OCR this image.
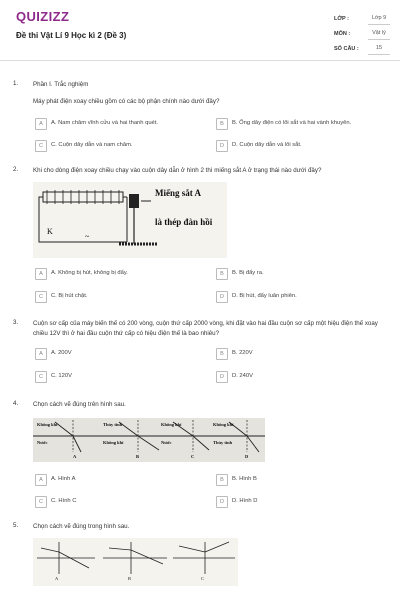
QUIZIZZ
Đề thi Vật Lí 9 Học kì 2 (Đề 3)
LỚP :	Lớp 9
MÔN :	Vật lý
SỐ CÂU :	15
1. Phần I. Trắc nghiệm
Máy phát điện xoay chiều gồm có các bộ phận chính nào dưới đây?
A	A. Nam châm vĩnh cửu và hai thanh quét.	B	B. Ống dây điện có lõi sắt và hai vành khuyên.
C	C. Cuộn dây dẫn và nam châm.	D	D. Cuộn dây dẫn và lõi sắt.
2. Khi cho dòng điện xoay chiều chạy vào cuộn dây dẫn ở hình 2 thì miếng sắt A ở trạng thái nào dưới đây?
Miếng sắt A
là thép đàn hồi
K
~
A	A. Không bị hút, không bị đẩy.	B	B. Bị đẩy ra.
C	C. Bị hút chặt.	D	D. Bị hút, đẩy luân phiên.
3. Cuộn sơ cấp của máy biến thế có 200 vòng, cuộn thứ cấp 2000 vòng, khi đặt vào hai đầu cuộn sơ cấp một hiệu điện thế xoay chiều 12V thì ở hai đầu cuộn thứ cấp có hiệu điện thế là bao nhiêu?
A	A. 200V	B	B. 220V
C	C. 120V	D	D. 240V
4. Chọn cách vẽ đúng trên hình sau.
Không khí
Nước
A
Thủy tinh
Không khí
B
Không khí
Nước
C
Không khí
Thủy tinh
D
A	A. Hình A	B	B. Hình B
C	C. Hình C	D	D. Hình D
5. Chọn cách vẽ đúng trong hình sau.
A	B	C
